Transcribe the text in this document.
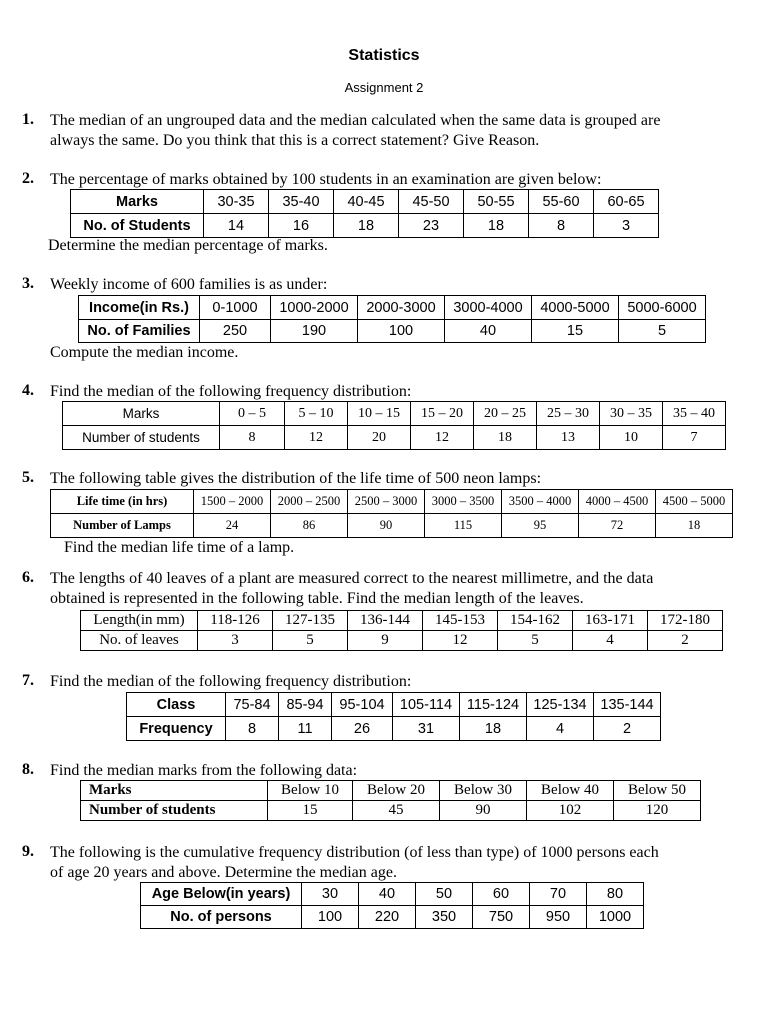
Statistics
Assignment 2
1. The median of an ungrouped data and the median calculated when the same data is grouped are
always the same. Do you think that this is a correct statement? Give Reason.
2. The percentage of marks obtained by 100 students in an examination are given below:
Marks	30-35	35-40	40-45	45-50	50-55	55-60	60-65
No. of Students	14	16	18	23	18	8	3
Determine the median percentage of marks.
3. Weekly income of 600 families is as under:
Income(in Rs.)	0-1000	1000-2000	2000-3000	3000-4000	4000-5000	5000-6000
No. of Families	250	190	100	40	15	5
Compute the median income.
4. Find the median of the following frequency distribution:
Marks	0 – 5	5 – 10	10 – 15	15 – 20	20 – 25	25 – 30	30 – 35	35 – 40
Number of students	8	12	20	12	18	13	10	7
5. The following table gives the distribution of the life time of 500 neon lamps:
Life time (in hrs)	1500 – 2000	2000 – 2500	2500 – 3000	3000 – 3500	3500 – 4000	4000 – 4500	4500 – 5000
Number of Lamps	24	86	90	115	95	72	18
Find the median life time of a lamp.
6. The lengths of 40 leaves of a plant are measured correct to the nearest millimetre, and the data
obtained is represented in the following table. Find the median length of the leaves.
Length(in mm)	118-126	127-135	136-144	145-153	154-162	163-171	172-180
No. of leaves	3	5	9	12	5	4	2
7. Find the median of the following frequency distribution:
Class	75-84	85-94	95-104	105-114	115-124	125-134	135-144
Frequency	8	11	26	31	18	4	2
8. Find the median marks from the following data:
Marks	Below 10	Below 20	Below 30	Below 40	Below 50
Number of students	15	45	90	102	120
9. The following is the cumulative frequency distribution (of less than type) of 1000 persons each
of age 20 years and above. Determine the median age.
Age Below(in years)	30	40	50	60	70	80
No. of persons	100	220	350	750	950	1000
